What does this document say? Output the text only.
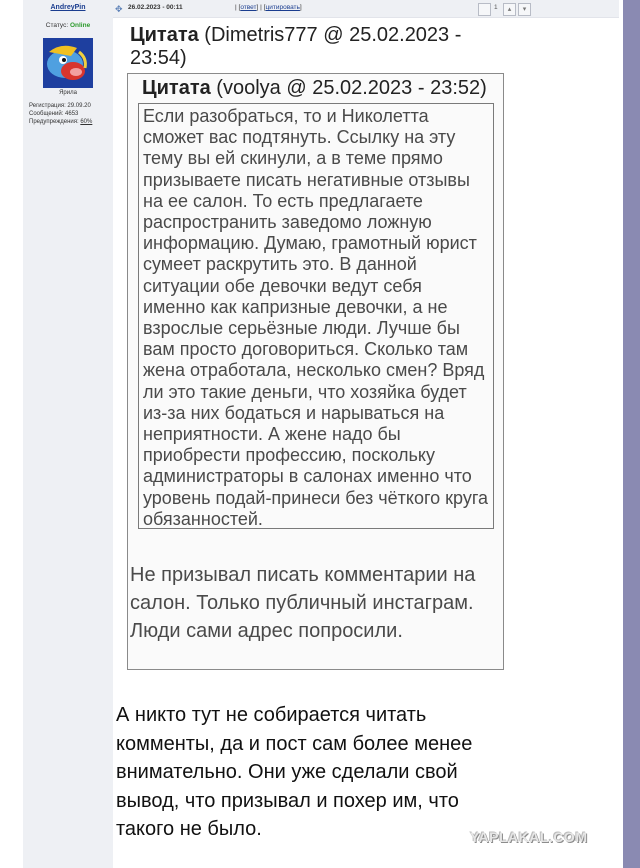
AndreyPin
Статус: Online
Ярила
Регистрация: 29.09.20
Сообщений: 4653
Предупреждения: 60%
✥ 26.02.2023 - 00:11	| [ответ] | [цитировать]	1	▴	▾
Цитата (Dimetris777 @ 25.02.2023 - 23:54)
Цитата (voolya @ 25.02.2023 - 23:52)
Если разобраться, то и Николетта сможет вас подтянуть. Ссылку на эту тему вы ей скинули, а в теме прямо призываете писать негативные отзывы на ее салон. То есть предлагаете распространить заведомо ложную информацию. Думаю, грамотный юрист сумеет раскрутить это. В данной ситуации обе девочки ведут себя именно как капризные девочки, а не взрослые серьёзные люди. Лучше бы вам просто договориться. Сколько там жена отработала, несколько смен? Вряд ли это такие деньги, что хозяйка будет из-за них бодаться и нарываться на неприятности. А жене надо бы приобрести профессию, поскольку администраторы в салонах именно что уровень подай-принеси без чёткого круга обязанностей.
Не призывал писать комментарии на салон. Только публичный инстаграм. Люди сами адрес попросили.
А никто тут не собирается читать комменты, да и пост сам более менее внимательно. Они уже сделали свой вывод, что призывал и похер им, что такого не было.	YAPLAKAL.COM
